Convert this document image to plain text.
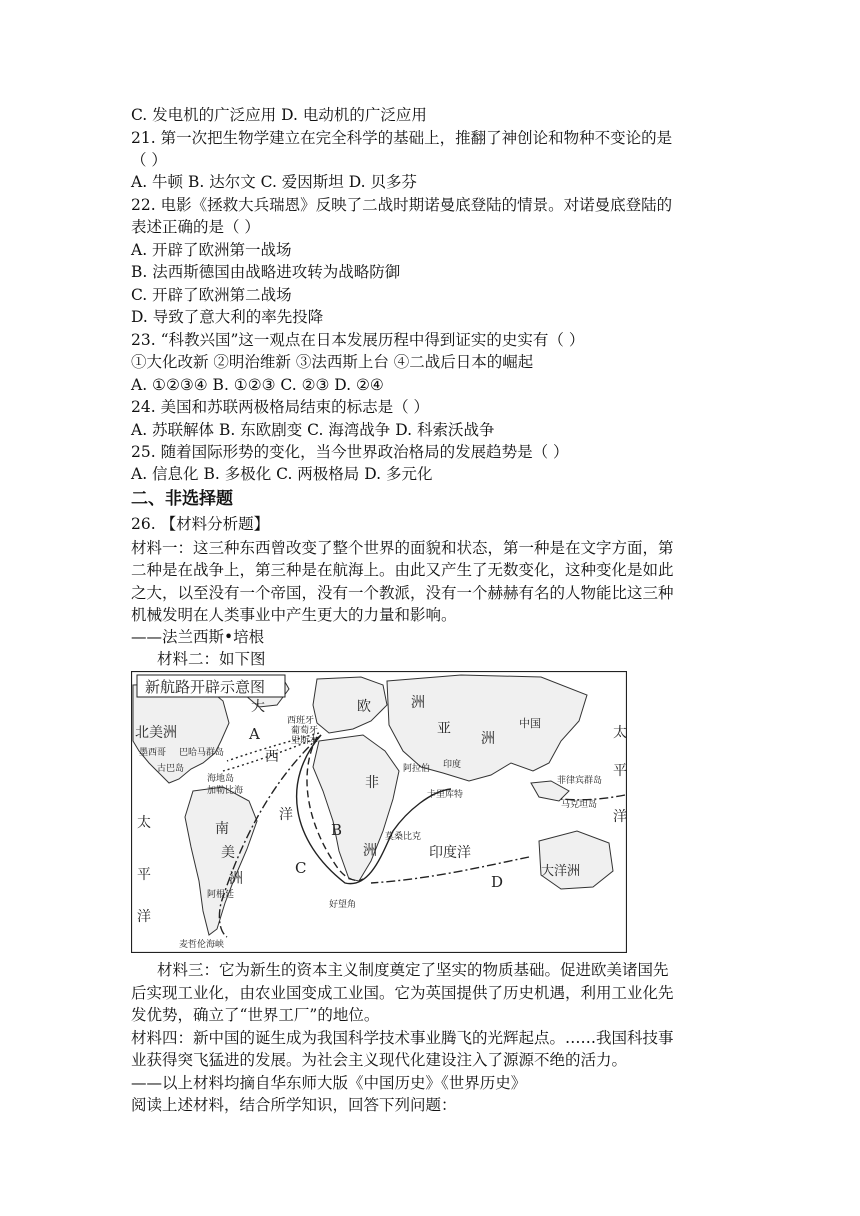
C. 发电机的广泛应用 D. 电动机的广泛应用
21. 第一次把生物学建立在完全科学的基础上，推翻了神创论和物种不变论的是
（ ）
A. 牛顿 B. 达尔文 C. 爱因斯坦 D. 贝多芬
22. 电影《拯救大兵瑞恩》反映了二战时期诺曼底登陆的情景。对诺曼底登陆的
表述正确的是（ ）
A. 开辟了欧洲第一战场
B. 法西斯德国由战略进攻转为战略防御
C. 开辟了欧洲第二战场
D. 导致了意大利的率先投降
23. “科教兴国”这一观点在日本发展历程中得到证实的史实有（ ）
①大化改新 ②明治维新 ③法西斯上台 ④二战后日本的崛起
A. ①②③④ B. ①②③ C. ②③ D. ②④
24. 美国和苏联两极格局结束的标志是（ ）
A. 苏联解体 B. 东欧剧变 C. 海湾战争 D. 科索沃战争
25. 随着国际形势的变化，当今世界政治格局的发展趋势是（ ）
A. 信息化 B. 多极化 C. 两极格局 D. 多元化
二、非选择题
26. 【材料分析题】
材料一：这三种东西曾改变了整个世界的面貌和状态，第一种是在文字方面，第
二种是在战争上，第三种是在航海上。由此又产生了无数变化，这种变化是如此
之大，以至没有一个帝国，没有一个教派，没有一个赫赫有名的人物能比这三种
机械发明在人类事业中产生更大的力量和影响。
——法兰西斯•培根
材料二：如下图
新航路开辟示意图
北美洲
大	欧	洲
西班牙
葡萄牙
里斯本
A
西
巴哈马群岛
墨西哥
古巴岛
海地岛
加勒比海
亚
洲
中国
太
平
洋
非
阿拉伯 印度
卡里库特
菲律宾群岛
马克坦岛
南
美
洲
洋
B
C
莫桑比克
洲	印度洋
D
大洋洲
太
平
洋
阿根廷
好望角
麦哲伦海峡
材料三：它为新生的资本主义制度奠定了坚实的物质基础。促进欧美诸国先
后实现工业化，由农业国变成工业国。它为英国提供了历史机遇，利用工业化先
发优势，确立了“世界工厂”的地位。
材料四：新中国的诞生成为我国科学技术事业腾飞的光辉起点。……我国科技事
业获得突飞猛进的发展。为社会主义现代化建设注入了源源不绝的活力。
——以上材料均摘自华东师大版《中国历史》《世界历史》
阅读上述材料，结合所学知识，回答下列问题：
